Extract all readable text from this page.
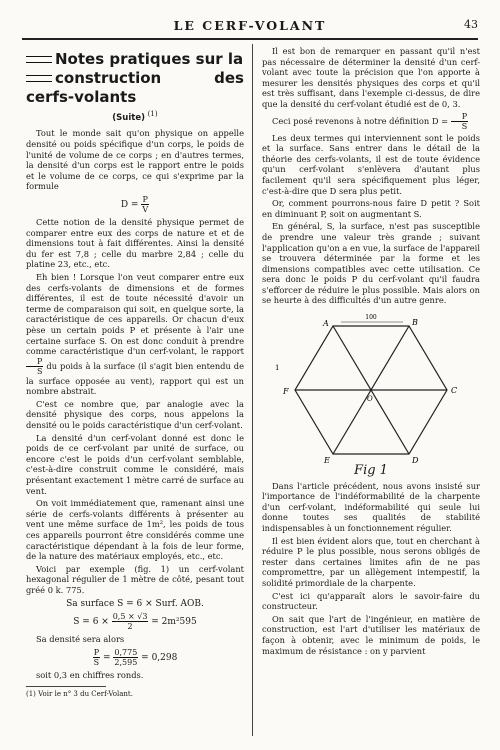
LE CERF-VOLANT	43
Notes pratiques sur la
construction des cerfs-volants
(Suite) $^{(1)}$

Tout le monde sait qu'on physique on appelle densité ou poids spécifique d'un corps, le poids de l'unité de volume de ce corps ; en d'autres termes, la densité d'un corps est le rapport entre le poids et le volume de ce corps, ce qui s'exprime par la formule

$D = \frac{P}{V}$

Cette notion de la densité physique permet de comparer entre eux des corps de nature et et de dimensions tout à fait différentes. Ainsi la densité du fer est 7,8 ; celle du marbre 2,84 ; celle du platine 23, etc., etc.

Eh bien ! Lorsque l'on veut comparer entre eux des cerfs-volants de dimensions et de formes différentes, il est de toute nécessité d'avoir un terme de comparaison qui soit, en quelque sorte, la caractéristique de ces appareils. Or chacun d'eux pèse un certain poids P et présente à l'air une certaine surface S. On est donc conduit à prendre comme caractéristique d'un cerf-volant, le rapport
$\frac{P}{S}$ du poids à la surface (il s'agit bien entendu de la surface opposée au vent), rapport qui est un nombre abstrait.

C'est ce nombre que, par analogie avec la densité physique des corps, nous appelons la densité ou le poids caractéristique d'un cerf-volant.

La densité d'un cerf-volant donné est donc le poids de ce cerf-volant par unité de surface, ou encore c'est le poids d'un cerf-volant semblable, c'est-à-dire construit comme le considéré, mais présentant exactement 1 mètre carré de surface au vent.

On voit immédiatement que, ramenant ainsi une série de cerfs-volants différents à présenter au vent une même surface de 1m², les poids de tous ces appareils pourront être considérés comme une caractéristique dépendant à la fois de leur forme, de la nature des matériaux employés, etc., etc.

Voici par exemple (fig. 1) un cerf-volant hexagonal régulier de 1 mètre de côté, pesant tout gréé 0 k. 775.

Sa surface S = 6 × Surf. AOB.
$S = 6 \times \frac{0,5 \times √3}{2} = 2m^2595$

Sa densité sera alors

$\frac{P}{S} = \frac{0,775}{2,595} = 0,298$

soit 0,3 en chiffres ronds.

(1) Voir le n° 3 du Cerf-Volant.

Il est bon de remarquer en passant qu'il n'est pas nécessaire de déterminer la densité d'un cerf-volant avec toute la précision que l'on apporte à mesurer les densités physiques des corps et qu'il est très suffisant, dans l'exemple ci-dessus, de dire que la densité du cerf-volant étudié est de 0, 3.

Ceci posé revenons à notre définition $D = \frac{P}{S}$

Les deux termes qui interviennent sont le poids et la surface. Sans entrer dans le détail de la théorie des cerfs-volants, il est de toute évidence qu'un cerf-volant s'enlèvera d'autant plus facilement qu'il sera spécifiquement plus léger, c'est-à-dire que D sera plus petit.

Or, comment pourrons-nous faire D petit ? Soit en diminuant P, soit on augmentant S.

En général, S, la surface, n'est pas susceptible de prendre une valeur très grande ; suivant l'application qu'on a en vue, la surface de l'appareil se trouvera déterminée par la forme et les dimensions compatibles avec cette utilisation. Ce sera donc le poids P du cerf-volant qu'il faudra s'efforcer de réduire le plus possible. Mais alors on se heurte à des difficultés d'un autre genre.

100
A	B
C
D
E
F
O
1
Fig 1

Dans l'article précédent, nous avons insisté sur l'importance de l'indéformabilité de la charpente d'un cerf-volant, indéformabilité qui seule lui donne toutes ses qualités de stabilité indispensables à un fonctionnement régulier.

Il est bien évident alors que, tout en cherchant à réduire P le plus possible, nous serons obligés de rester dans certaines limites afin de ne pas compromettre, par un allègement intempestif, la solidité primordiale de la charpente.

C'est ici qu'apparaît alors le savoir-faire du constructeur.

On sait que l'art de l'ingénieur, en matière de construction, est l'art d'utiliser les matériaux de façon à obtenir, avec le minimum de poids, le maximum de résistance : on y parvient
